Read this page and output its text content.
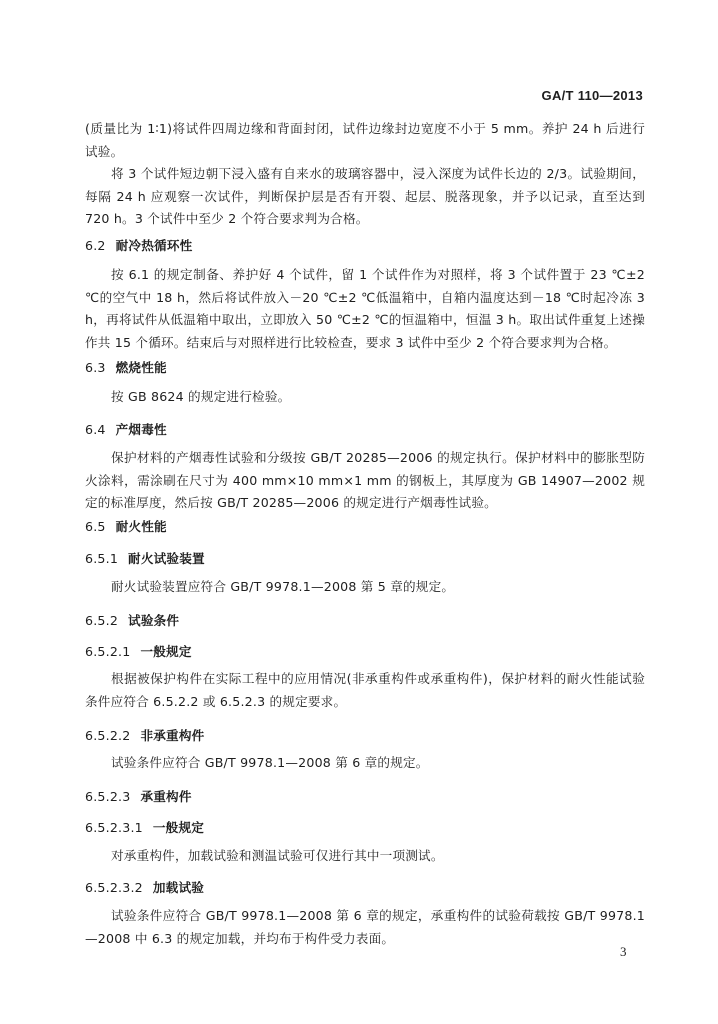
GA/T 110—2013
(质量比为 1∶1)将试件四周边缘和背面封闭，试件边缘封边宽度不小于 5 mm。养护 24 h 后进行试验。
将 3 个试件短边朝下浸入盛有自来水的玻璃容器中，浸入深度为试件长边的 2/3。试验期间，每隔 24 h 应观察一次试件，判断保护层是否有开裂、起层、脱落现象，并予以记录，直至达到 720 h。3 个试件中至少 2 个符合要求判为合格。
6.2 耐冷热循环性
按 6.1 的规定制备、养护好 4 个试件，留 1 个试件作为对照样，将 3 个试件置于 23 ℃±2 ℃的空气中 18 h，然后将试件放入－20 ℃±2 ℃低温箱中，自箱内温度达到－18 ℃时起冷冻 3 h，再将试件从低温箱中取出，立即放入 50 ℃±2 ℃的恒温箱中，恒温 3 h。取出试件重复上述操作共 15 个循环。结束后与对照样进行比较检查，要求 3 试件中至少 2 个符合要求判为合格。
6.3 燃烧性能
按 GB 8624 的规定进行检验。
6.4 产烟毒性
保护材料的产烟毒性试验和分级按 GB/T 20285—2006 的规定执行。保护材料中的膨胀型防火涂料，需涂刷在尺寸为 400 mm×10 mm×1 mm 的钢板上，其厚度为 GB 14907—2002 规定的标准厚度，然后按 GB/T 20285—2006 的规定进行产烟毒性试验。
6.5 耐火性能
6.5.1 耐火试验装置
耐火试验装置应符合 GB/T 9978.1—2008 第 5 章的规定。
6.5.2 试验条件
6.5.2.1 一般规定
根据被保护构件在实际工程中的应用情况(非承重构件或承重构件)，保护材料的耐火性能试验条件应符合 6.5.2.2 或 6.5.2.3 的规定要求。
6.5.2.2 非承重构件
试验条件应符合 GB/T 9978.1—2008 第 6 章的规定。
6.5.2.3 承重构件
6.5.2.3.1 一般规定
对承重构件，加载试验和测温试验可仅进行其中一项测试。
6.5.2.3.2 加载试验
试验条件应符合 GB/T 9978.1—2008 第 6 章的规定，承重构件的试验荷载按 GB/T 9978.1—2008 中 6.3 的规定加载，并均布于构件受力表面。
3
